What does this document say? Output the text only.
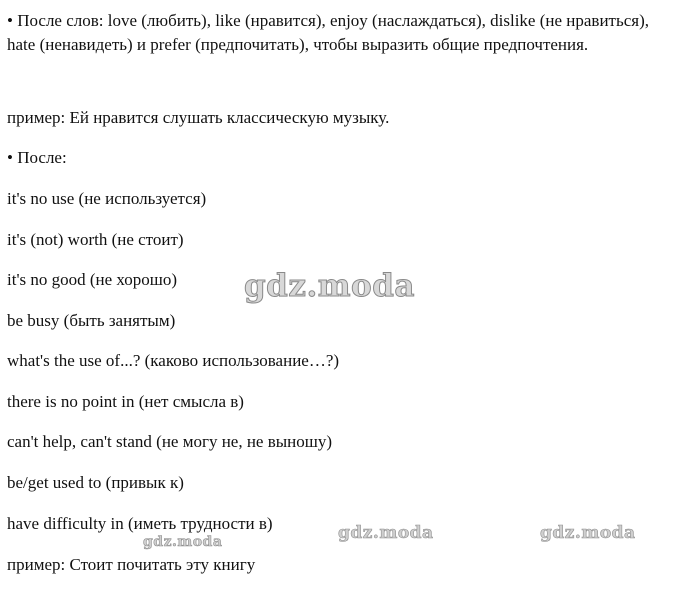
• После слов: love (любить), like (нравится), enjoy (наслаждаться), dislike (не нравиться), hate (ненавидеть) и prefer (предпочитать), чтобы выразить общие предпочтения.
пример: Ей нравится слушать классическую музыку.
• После:
it's no use (не используется)
it's (not) worth (не стоит)
it's no good (не хорошо)
be busy (быть занятым)
what's the use of...? (каково использование…?)
there is no point in (нет смысла в)
can't help, can't stand (не могу не, не выношу)
be/get used to (привык к)
have difficulty in (иметь трудности в)
пример: Стоит почитать эту книгу
gdz.moda
gdz.moda	gdz.moda	gdz.moda
